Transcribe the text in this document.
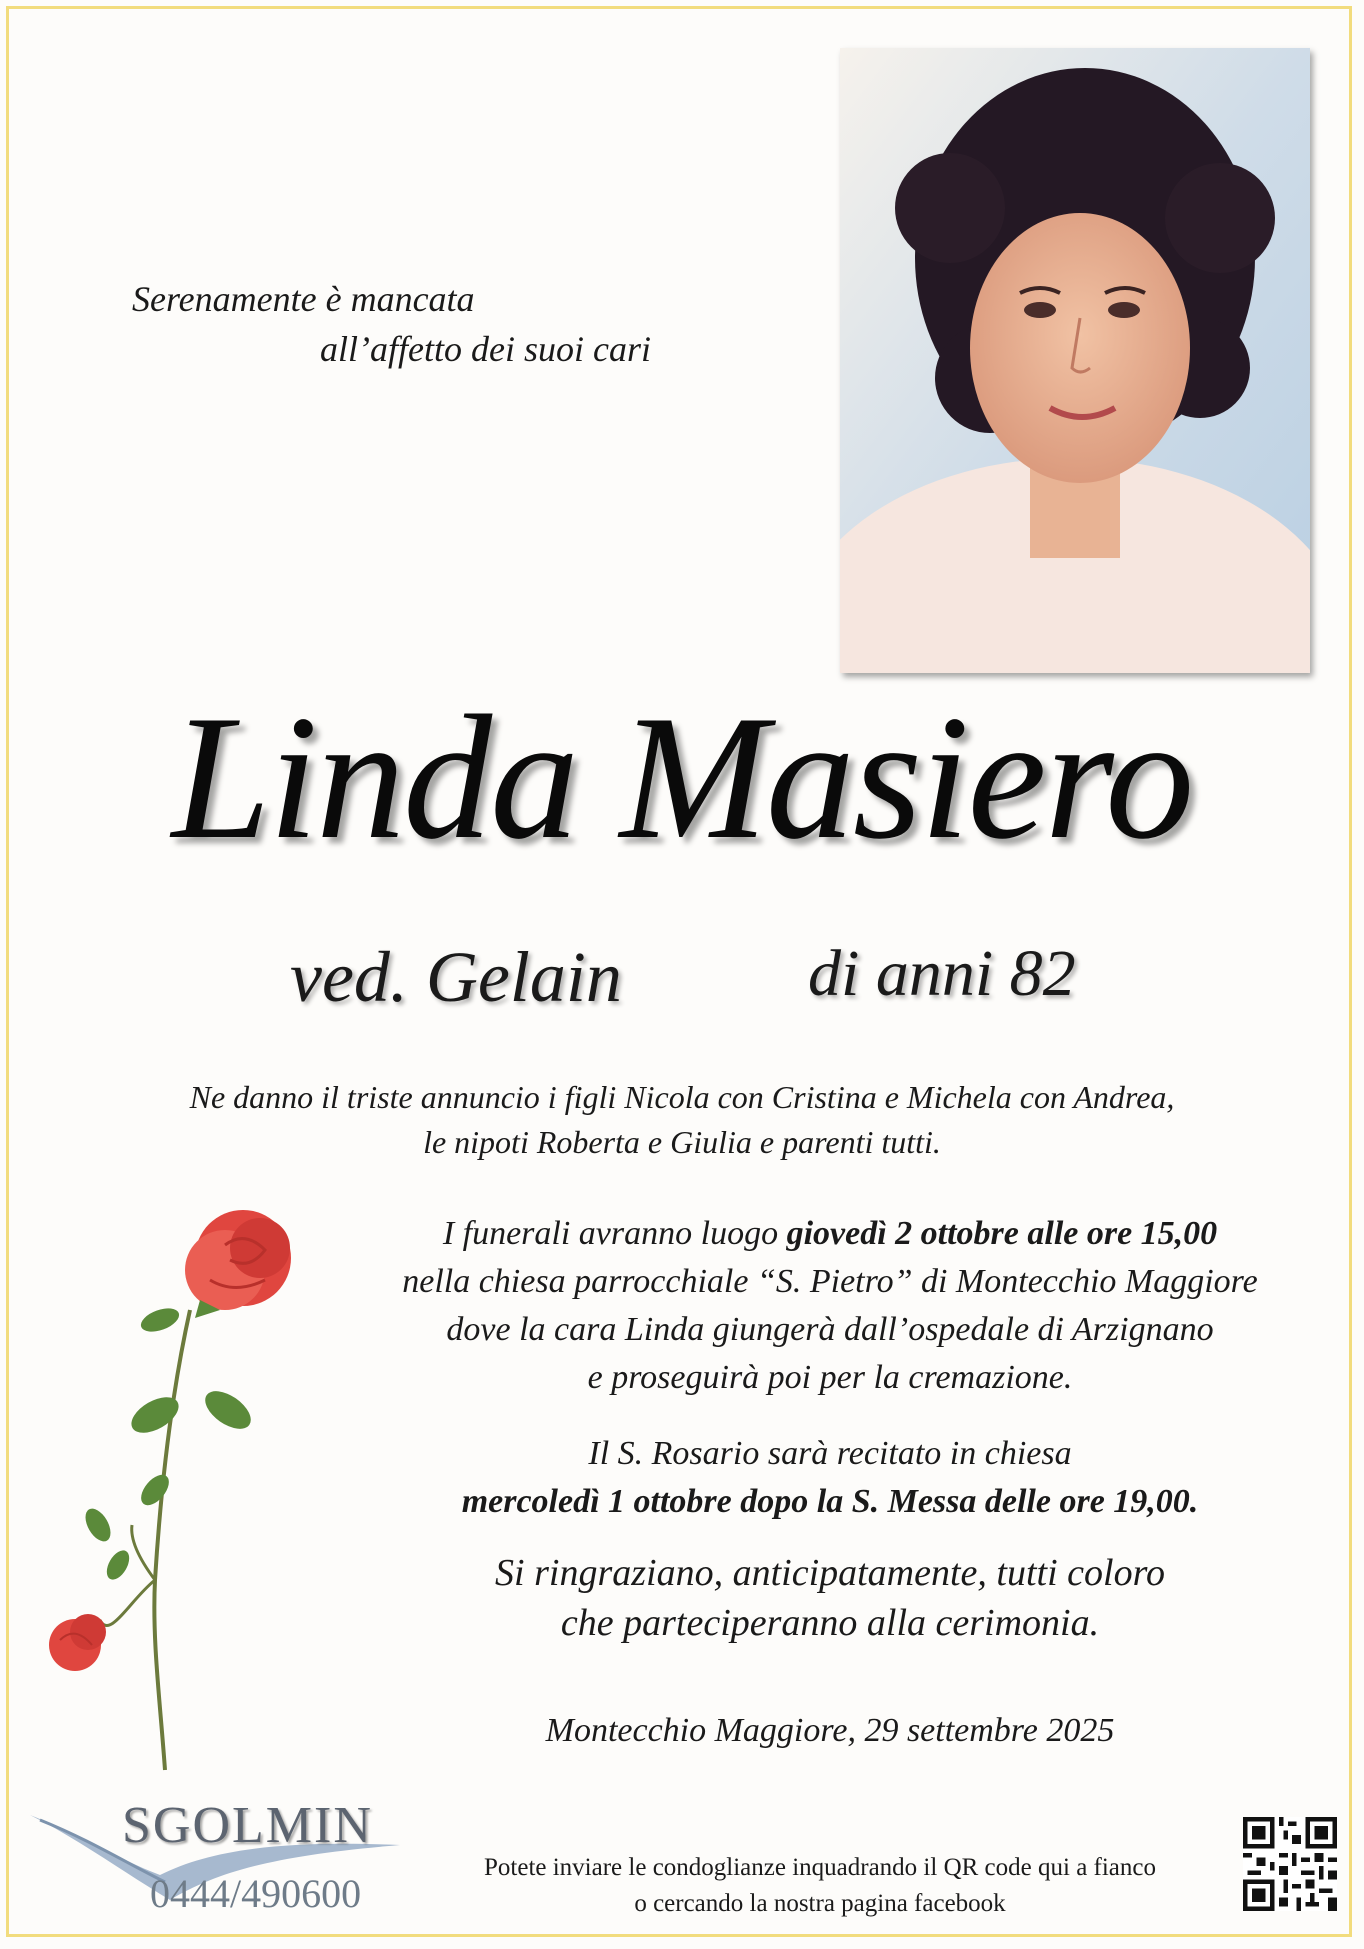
Serenamente è mancata
all’affetto dei suoi cari
Linda Masiero
ved. Gelain	di anni 82
Ne danno il triste annuncio i figli Nicola con Cristina e Michela con Andrea,
le nipoti Roberta e Giulia e parenti tutti.
I funerali avranno luogo giovedì 2 ottobre alle ore 15,00
nella chiesa parrocchiale “S. Pietro” di Montecchio Maggiore
dove la cara Linda giungerà dall’ospedale di Arzignano
e proseguirà poi per la cremazione.
Il S. Rosario sarà recitato in chiesa
mercoledì 1 ottobre dopo la S. Messa delle ore 19,00.
Si ringraziano, anticipatamente, tutti coloro
che parteciperanno alla cerimonia.
Montecchio Maggiore, 29 settembre 2025
SGOLMIN
0444/490600
Potete inviare le condoglianze inquadrando il QR code qui a fianco
o cercando la nostra pagina facebook
